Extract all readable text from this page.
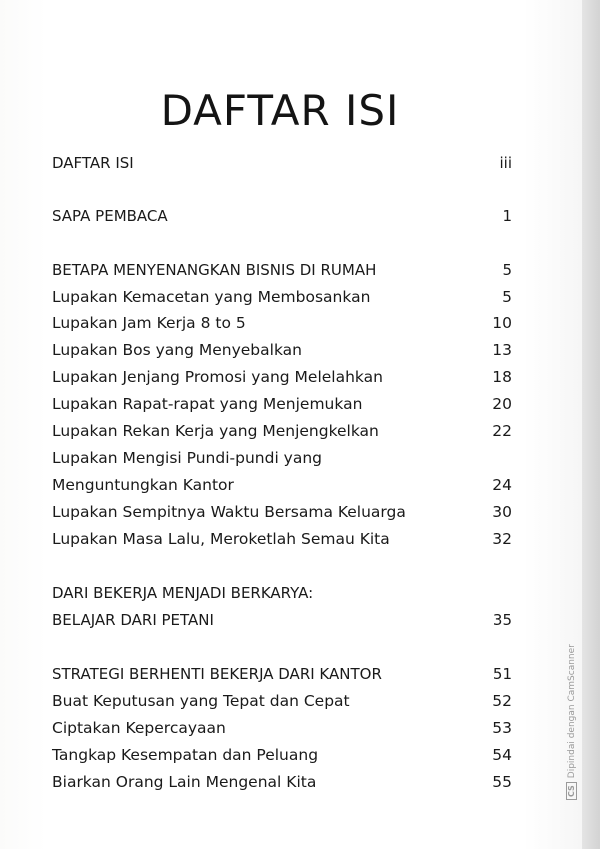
DAFTAR ISI
DAFTAR ISI	iii
SAPA PEMBACA	1
BETAPA MENYENANGKAN BISNIS DI RUMAH	5
Lupakan Kemacetan yang Membosankan	5
Lupakan Jam Kerja 8 to 5	10
Lupakan Bos yang Menyebalkan	13
Lupakan Jenjang Promosi yang Melelahkan	18
Lupakan Rapat-rapat yang Menjemukan	20
Lupakan Rekan Kerja yang Menjengkelkan	22
Lupakan Mengisi Pundi-pundi yang
Menguntungkan Kantor	24
Lupakan Sempitnya Waktu Bersama Keluarga	30
Lupakan Masa Lalu, Meroketlah Semau Kita	32
DARI BEKERJA MENJADI BERKARYA:
BELAJAR DARI PETANI	35
STRATEGI BERHENTI BEKERJA DARI KANTOR	51
Buat Keputusan yang Tepat dan Cepat	52
Ciptakan Kepercayaan	53
Tangkap Kesempatan dan Peluang	54
Biarkan Orang Lain Mengenal Kita	55
CSDipindai dengan CamScanner
